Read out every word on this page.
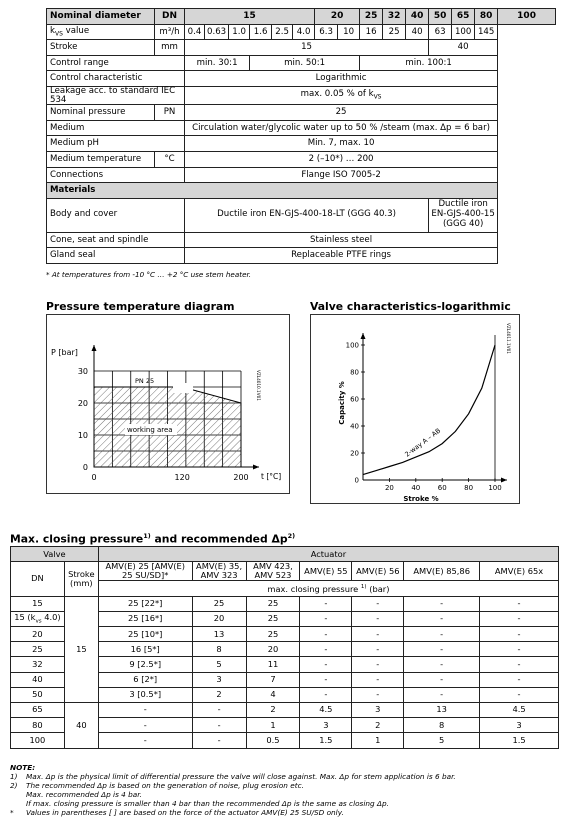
Nominal diameter	DN	15						20		25	32	40	50	65	80	100
$k_{VS}$ value	m³/h	0.4	0.63	1.0	1.6	2.5	4.0	6.3	10	16	25	40	63	100	145	
Stroke	mm	15											40			
Control range		min. 30:1			min. 50:1					min. 100:1						
Control characteristic		Logarithmic														
Leakage acc. to standard IEC 534		max. 0.05 % of $k_{VS}$
Nominal pressure	PN	25														
Medium		Circulation water/glycolic water up to 50 % /steam (max. Δp = 6 bar)														
Medium pH		Min. 7, max. 10														
Medium temperature	°C	2 (–10*) … 200														
Connections		Flange ISO 7005-2														
Materials																
Body and cover		Ductile iron EN-GJS-400-18-LT (GGG 40.3)											Ductile iron EN-GJS-400-15 (GGG 40)			
Cone, seat and spindle		Stainless steel														
Gland seal		Replaceable PTFE rings														
* At temperatures from -10 °C … +2 °C use stem heater.
Pressure temperature diagram
P [bar]
30
20
10
0
0	120	200 t [°C]
PN 25
working area
VZL4010.1V01
Valve characteristics-logarithmic
100
80
60
40
20
0
20 40 60 80 100
Stroke %
Capacity %
2-way A – AB
VZL4011.1V01
Max. closing pressure$^{1)}$ and recommended $\Delta p^{2)}$
Valve		Actuator						
DN	Stroke (mm)	AMV(E) 25 [AMV(E) 25 SU/SD]*	AMV(E) 35, AMV 323	AMV 423, AMV 523	AMV(E) 55	AMV(E) 56	AMV(E) 85,86	AMV(E) 65x
		max. closing pressure $^{1)}$ (bar)						
15	15	25 [22*]	25	25	-	-	-	-
15 ($k_{vs}$ 4.0)		25 [16*]	20	25	-	-	-	-
20		25 [10*]	13	25	-	-	-	-
25		16 [5*]	8	20	-	-	-	-
32		9 [2.5*]	5	11	-	-	-	-
40		6 [2*]	3	7	-	-	-	-
50		3 [0.5*]	2	4	-	-	-	-
65	40	-	-	2	4.5	3	13	4.5
80		-	-	1	3	2	8	3
100		-	-	0.5	1.5	1	5	1.5
NOTE:
1)	Max. Δp is the physical limit of differential pressure the valve will close against. Max. Δp for stem application is 6 bar.
2)	The recommended Δp is based on the generation of noise, plug erosion etc.
Max. recommended Δp is 4 bar.
If max. closing pressure is smaller than 4 bar than the recommended Δp is the same as closing Δp.
*	Values in parentheses [ ] are based on the force of the actuator AMV(E) 25 SU/SD only.
